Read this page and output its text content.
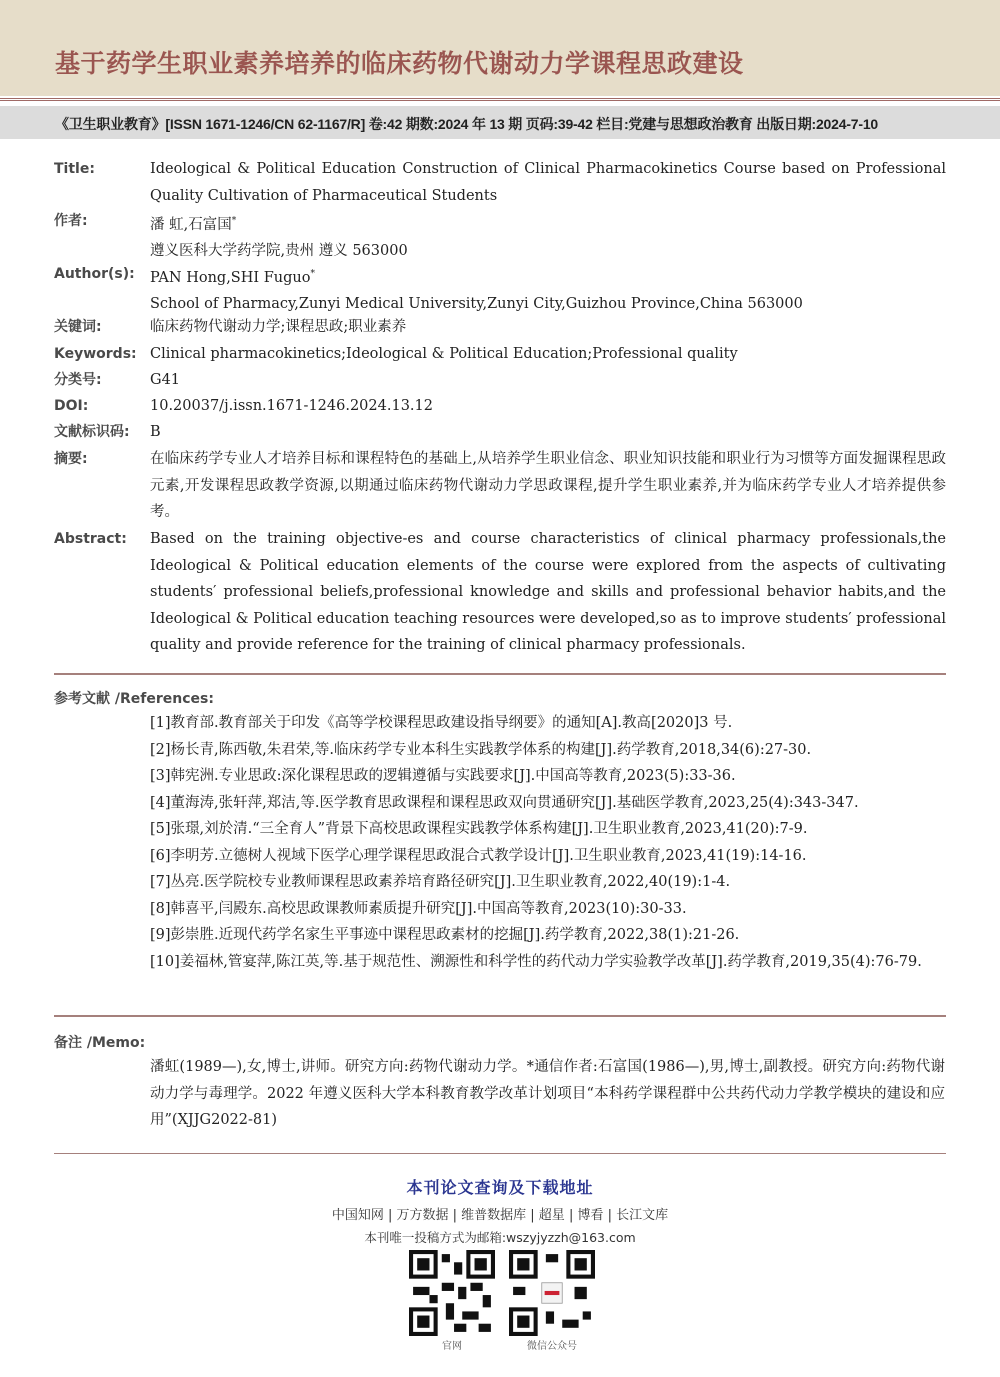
基于药学生职业素养培养的临床药物代谢动力学课程思政建设
《卫生职业教育》[ISSN 1671-1246/CN 62-1167/R] 卷:42 期数:2024 年 13 期 页码:39-42 栏目:党建与思想政治教育 出版日期:2024-7-10
Title:	Ideological & Political Education Construction of Clinical Pharmacokinetics Course based on Professional Quality Cultivation of Pharmaceutical Students
作者:	潘 虹,石富国*
遵义医科大学药学院,贵州 遵义 563000
Author(s): PAN Hong,SHI Fuguo*
School of Pharmacy,Zunyi Medical University,Zunyi City,Guizhou Province,China 563000
关键词:	临床药物代谢动力学;课程思政;职业素养
Keywords: Clinical pharmacokinetics;Ideological & Political Education;Professional quality
分类号:	G41
DOI:	10.20037/j.issn.1671-1246.2024.13.12
文献标识码: B
摘要:	在临床药学专业人才培养目标和课程特色的基础上,从培养学生职业信念、职业知识技能和职业行为习惯等方面发掘课程思政元素,开发课程思政教学资源,以期通过临床药物代谢动力学思政课程,提升学生职业素养,并为临床药学专业人才培养提供参考。
Abstract: Based on the training objective-es and course characteristics of clinical pharmacy professionals,the Ideological & Political education elements of the course were explored from the aspects of cultivating students′ professional beliefs,professional knowledge and skills and professional behavior habits,and the Ideological & Political education teaching resources were developed,so as to improve students′ professional quality and provide reference for the training of clinical pharmacy professionals.
参考文献 /References:
[1]教育部.教育部关于印发《高等学校课程思政建设指导纲要》的通知[A].教高[2020]3 号.
[2]杨长青,陈西敬,朱君荣,等.临床药学专业本科生实践教学体系的构建[J].药学教育,2018,34(6):27-30.
[3]韩宪洲.专业思政:深化课程思政的逻辑遵循与实践要求[J].中国高等教育,2023(5):33-36.
[4]董海涛,张轩萍,郑洁,等.医学教育思政课程和课程思政双向贯通研究[J].基础医学教育,2023,25(4):343-347.
[5]张璟,刘於清.“三全育人”背景下高校思政课程实践教学体系构建[J].卫生职业教育,2023,41(20):7-9.
[6]李明芳.立德树人视域下医学心理学课程思政混合式教学设计[J].卫生职业教育,2023,41(19):14-16.
[7]丛亮.医学院校专业教师课程思政素养培育路径研究[J].卫生职业教育,2022,40(19):1-4.
[8]韩喜平,闫殿东.高校思政课教师素质提升研究[J].中国高等教育,2023(10):30-33.
[9]彭崇胜.近现代药学名家生平事迹中课程思政素材的挖掘[J].药学教育,2022,38(1):21-26.
[10]姜福林,管宴萍,陈江英,等.基于规范性、溯源性和科学性的药代动力学实验教学改革[J].药学教育,2019,35(4):76-79.
备注 /Memo:
潘虹(1989—),女,博士,讲师。研究方向:药物代谢动力学。*通信作者:石富国(1986—),男,博士,副教授。研究方向:药物代谢动力学与毒理学。2022 年遵义医科大学本科教育教学改革计划项目“本科药学课程群中公共药代动力学教学模块的建设和应用”(XJJG2022-81)
本刊论文查询及下载地址
中国知网 | 万方数据 | 维普数据库 | 超星 | 博看 | 长江文库
本刊唯一投稿方式为邮箱:wszyjyzzh@163.com
官网	微信公众号
